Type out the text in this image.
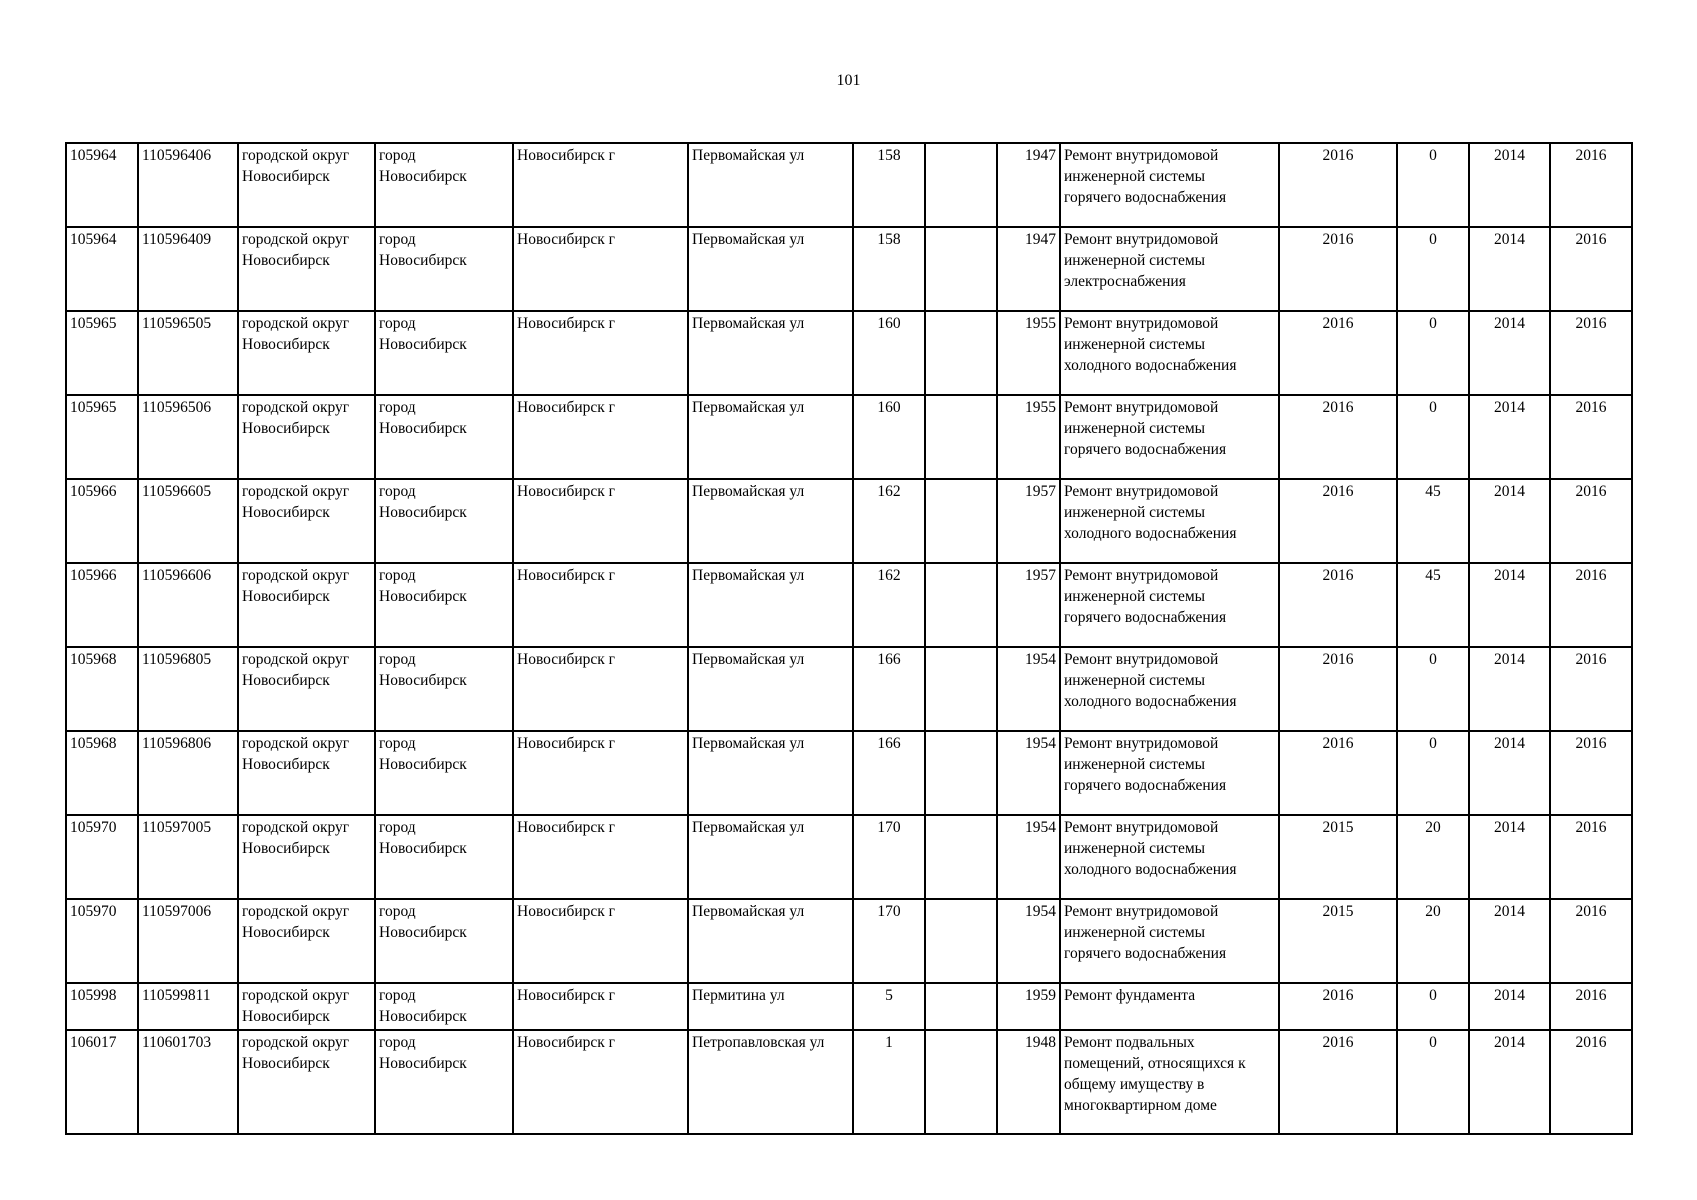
101
105964	110596406	городской округ
Новосибирск	город
Новосибирск	Новосибирск г	Первомайская ул	158		1947	Ремонт внутридомовой
инженерной системы
горячего водоснабжения	2016	0	2014	2016
105964	110596409	городской округ
Новосибирск	город
Новосибирск	Новосибирск г	Первомайская ул	158		1947	Ремонт внутридомовой
инженерной системы
электроснабжения	2016	0	2014	2016
105965	110596505	городской округ
Новосибирск	город
Новосибирск	Новосибирск г	Первомайская ул	160		1955	Ремонт внутридомовой
инженерной системы
холодного водоснабжения	2016	0	2014	2016
105965	110596506	городской округ
Новосибирск	город
Новосибирск	Новосибирск г	Первомайская ул	160		1955	Ремонт внутридомовой
инженерной системы
горячего водоснабжения	2016	0	2014	2016
105966	110596605	городской округ
Новосибирск	город
Новосибирск	Новосибирск г	Первомайская ул	162		1957	Ремонт внутридомовой
инженерной системы
холодного водоснабжения	2016	45	2014	2016
105966	110596606	городской округ
Новосибирск	город
Новосибирск	Новосибирск г	Первомайская ул	162		1957	Ремонт внутридомовой
инженерной системы
горячего водоснабжения	2016	45	2014	2016
105968	110596805	городской округ
Новосибирск	город
Новосибирск	Новосибирск г	Первомайская ул	166		1954	Ремонт внутридомовой
инженерной системы
холодного водоснабжения	2016	0	2014	2016
105968	110596806	городской округ
Новосибирск	город
Новосибирск	Новосибирск г	Первомайская ул	166		1954	Ремонт внутридомовой
инженерной системы
горячего водоснабжения	2016	0	2014	2016
105970	110597005	городской округ
Новосибирск	город
Новосибирск	Новосибирск г	Первомайская ул	170		1954	Ремонт внутридомовой
инженерной системы
холодного водоснабжения	2015	20	2014	2016
105970	110597006	городской округ
Новосибирск	город
Новосибирск	Новосибирск г	Первомайская ул	170		1954	Ремонт внутридомовой
инженерной системы
горячего водоснабжения	2015	20	2014	2016
105998	110599811	городской округ
Новосибирск	город
Новосибирск	Новосибирск г	Пермитина ул	5		1959	Ремонт фундамента	2016	0	2014	2016
106017	110601703	городской округ
Новосибирск	город
Новосибирск	Новосибирск г	Петропавловская ул	1		1948	Ремонт подвальных
помещений, относящихся к
общему имуществу в
многоквартирном доме	2016	0	2014	2016
